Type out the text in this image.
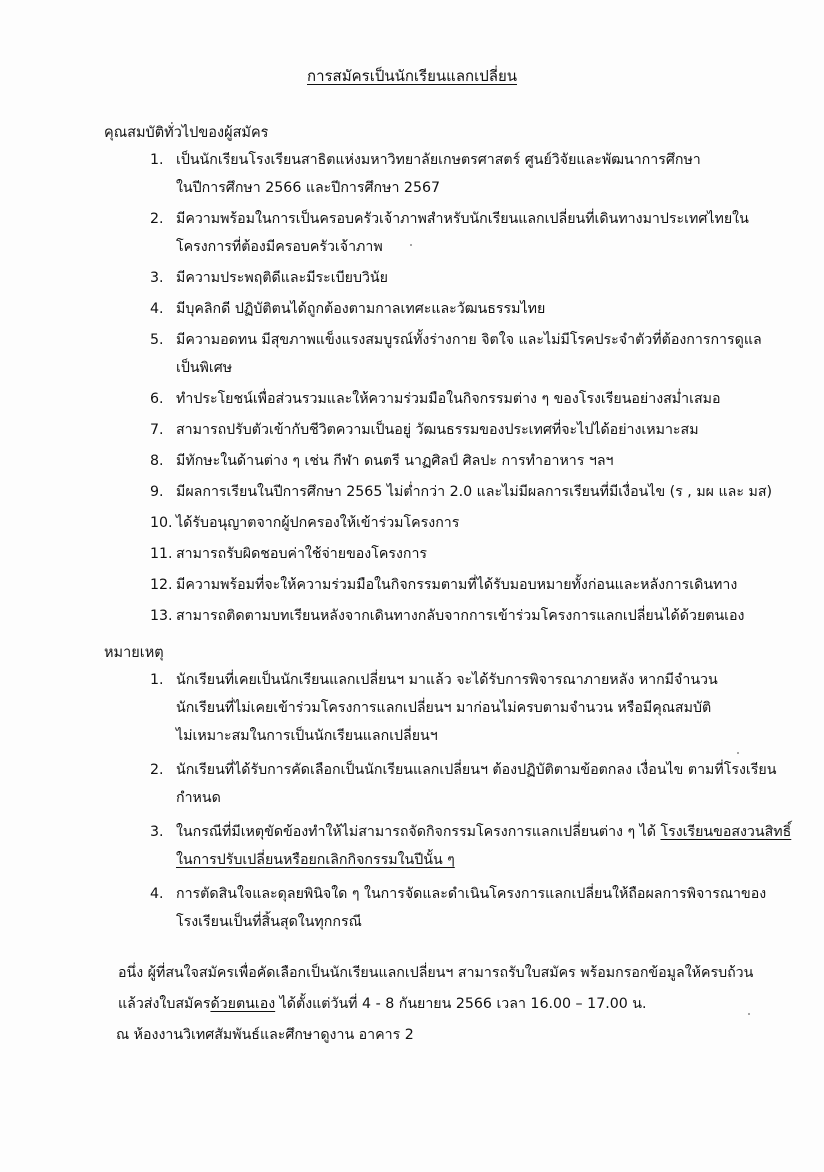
การสมัครเป็นนักเรียนแลกเปลี่ยน
คุณสมบัติทั่วไปของผู้สมัคร
1. เป็นนักเรียนโรงเรียนสาธิตแห่งมหาวิทยาลัยเกษตรศาสตร์ ศูนย์วิจัยและพัฒนาการศึกษา
ในปีการศึกษา 2566 และปีการศึกษา 2567
2. มีความพร้อมในการเป็นครอบครัวเจ้าภาพสำหรับนักเรียนแลกเปลี่ยนที่เดินทางมาประเทศไทยใน
โครงการที่ต้องมีครอบครัวเจ้าภาพ
3. มีความประพฤติดีและมีระเบียบวินัย
4. มีบุคลิกดี ปฏิบัติตนได้ถูกต้องตามกาลเทศะและวัฒนธรรมไทย
5. มีความอดทน มีสุขภาพแข็งแรงสมบูรณ์ทั้งร่างกาย จิตใจ และไม่มีโรคประจำตัวที่ต้องการการดูแล
เป็นพิเศษ
6. ทำประโยชน์เพื่อส่วนรวมและให้ความร่วมมือในกิจกรรมต่าง ๆ ของโรงเรียนอย่างสม่ำเสมอ
7. สามารถปรับตัวเข้ากับชีวิตความเป็นอยู่ วัฒนธรรมของประเทศที่จะไปได้อย่างเหมาะสม
8. มีทักษะในด้านต่าง ๆ เช่น กีฬา ดนตรี นาฏศิลป์ ศิลปะ การทำอาหาร ฯลฯ
9. มีผลการเรียนในปีการศึกษา 2565 ไม่ต่ำกว่า 2.0 และไม่มีผลการเรียนที่มีเงื่อนไข (ร , มผ และ มส)
10. ได้รับอนุญาตจากผู้ปกครองให้เข้าร่วมโครงการ
11. สามารถรับผิดชอบค่าใช้จ่ายของโครงการ
12. มีความพร้อมที่จะให้ความร่วมมือในกิจกรรมตามที่ได้รับมอบหมายทั้งก่อนและหลังการเดินทาง
13. สามารถติดตามบทเรียนหลังจากเดินทางกลับจากการเข้าร่วมโครงการแลกเปลี่ยนได้ด้วยตนเอง
หมายเหตุ
1. นักเรียนที่เคยเป็นนักเรียนแลกเปลี่ยนฯ มาแล้ว จะได้รับการพิจารณาภายหลัง หากมีจำนวน
นักเรียนที่ไม่เคยเข้าร่วมโครงการแลกเปลี่ยนฯ มาก่อนไม่ครบตามจำนวน หรือมีคุณสมบัติ
ไม่เหมาะสมในการเป็นนักเรียนแลกเปลี่ยนฯ
2. นักเรียนที่ได้รับการคัดเลือกเป็นนักเรียนแลกเปลี่ยนฯ ต้องปฏิบัติตามข้อตกลง เงื่อนไข ตามที่โรงเรียน
กำหนด
3. ในกรณีที่มีเหตุขัดข้องทำให้ไม่สามารถจัดกิจกรรมโครงการแลกเปลี่ยนต่าง ๆ ได้ โรงเรียนขอสงวนสิทธิ์
ในการปรับเปลี่ยนหรือยกเลิกกิจกรรมในปีนั้น ๆ
4. การตัดสินใจและดุลยพินิจใด ๆ ในการจัดและดำเนินโครงการแลกเปลี่ยนให้ถือผลการพิจารณาของ
โรงเรียนเป็นที่สิ้นสุดในทุกกรณี
อนึ่ง ผู้ที่สนใจสมัครเพื่อคัดเลือกเป็นนักเรียนแลกเปลี่ยนฯ สามารถรับใบสมัคร พร้อมกรอกข้อมูลให้ครบถ้วน
แล้วส่งใบสมัครด้วยตนเอง ได้ตั้งแต่วันที่ 4 - 8 กันยายน 2566 เวลา 16.00 – 17.00 น.
ณ ห้องงานวิเทศสัมพันธ์และศึกษาดูงาน อาคาร 2
